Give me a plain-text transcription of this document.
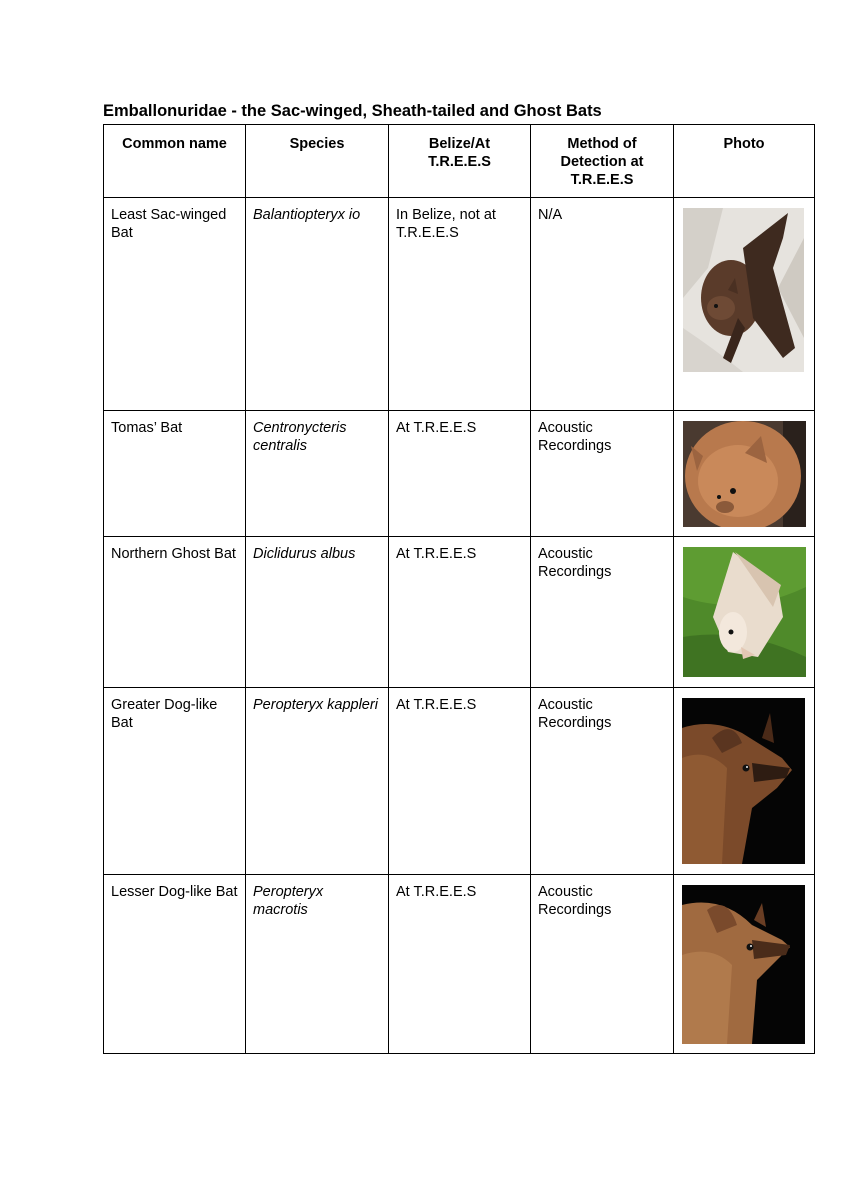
Emballonuridae - the Sac-winged, Sheath-tailed and Ghost Bats
Common name	Species	Belize/At T.R.E.E.S	Method of Detection at T.R.E.E.S	Photo
Least Sac-winged Bat	Balantiopteryx io	In Belize, not at T.R.E.E.S	N/A	

Tomas’ Bat	Centronycteris centralis	At T.R.E.E.S	Acoustic Recordings	

Northern Ghost Bat	Diclidurus albus	At T.R.E.E.S	Acoustic Recordings	

Greater Dog-like Bat	Peropteryx kappleri	At T.R.E.E.S	Acoustic Recordings	

Lesser Dog-like Bat	Peropteryx macrotis	At T.R.E.E.S	Acoustic Recordings	
